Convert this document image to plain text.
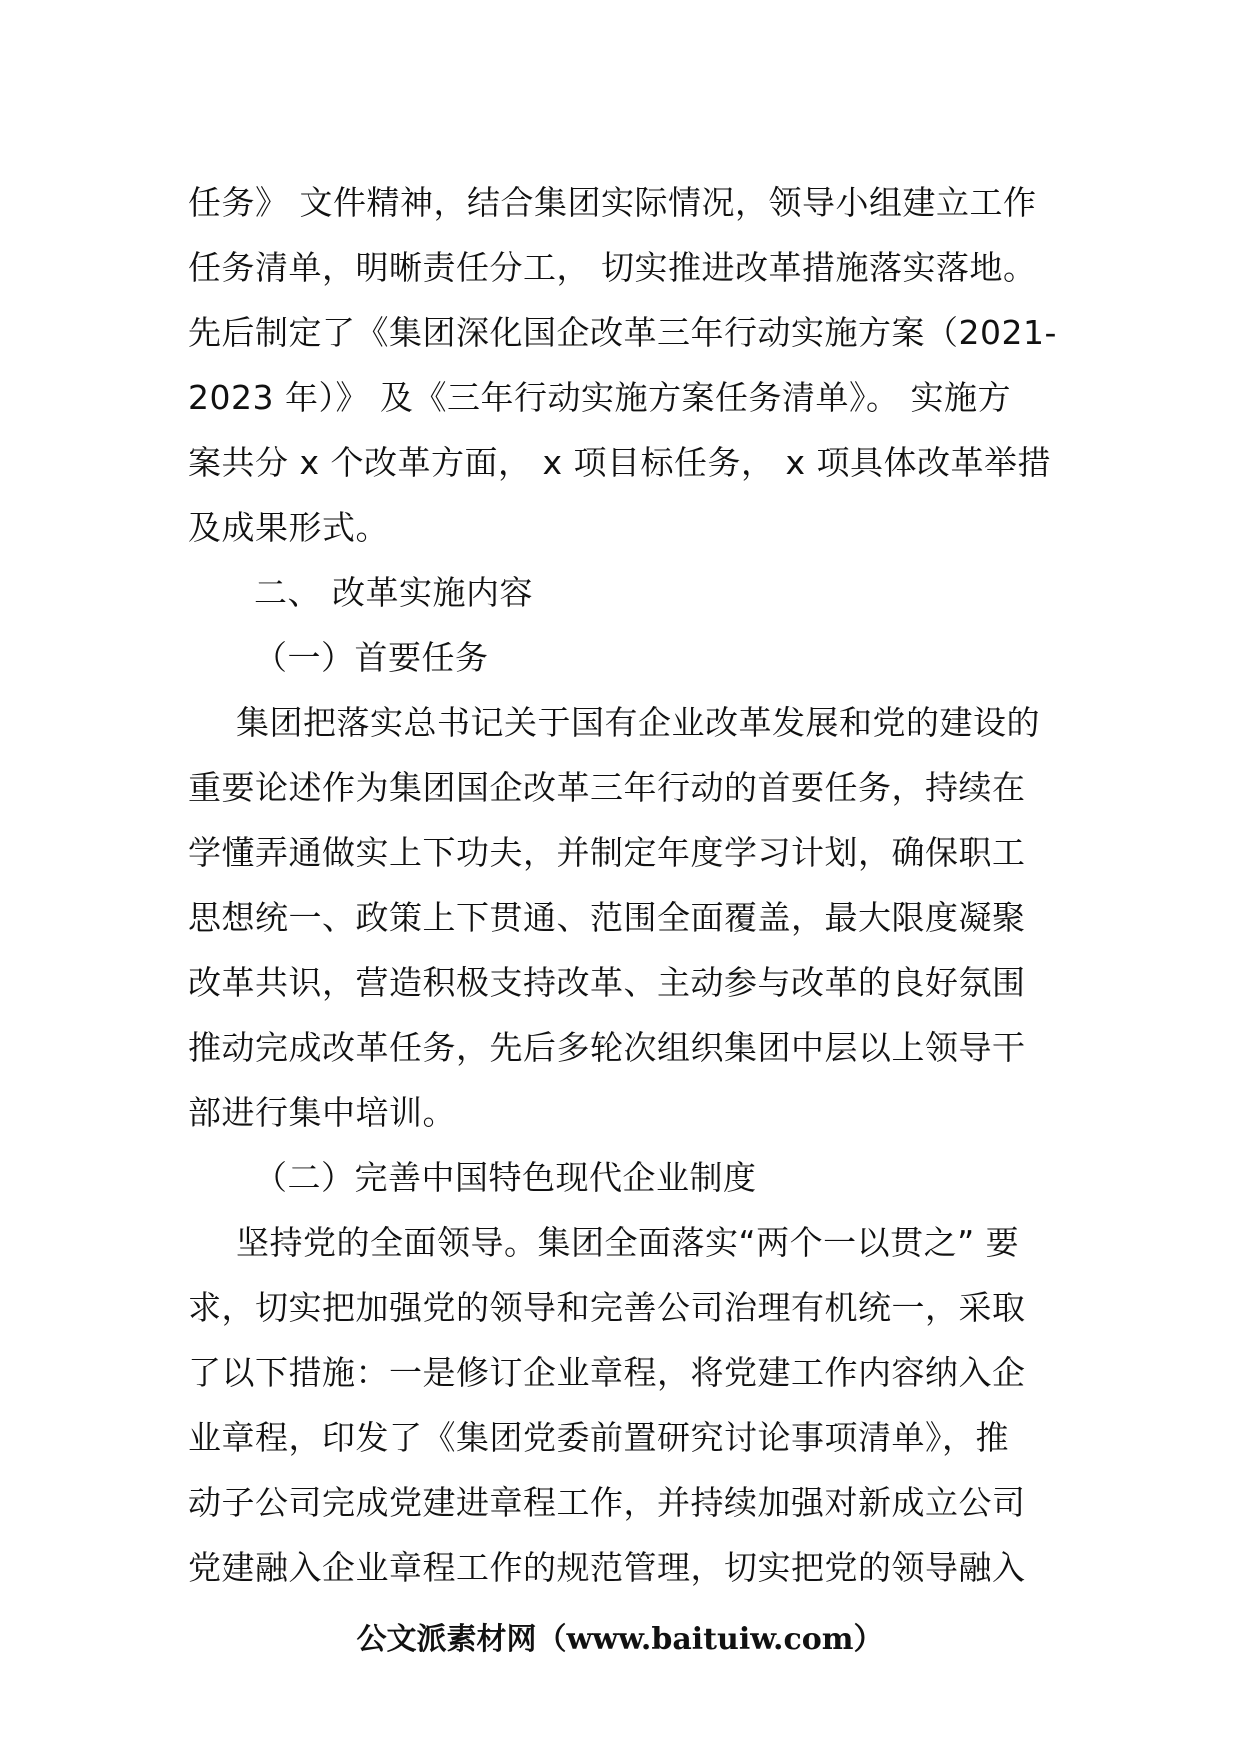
任务》 文件精神，结合集团实际情况，领导小组建立工作
任务清单，明晰责任分工， 切实推进改革措施落实落地。
先后制定了《集团深化国企改革三年行动实施方案（2021-
2023 年）》 及《三年行动实施方案任务清单》。 实施方
案共分 x 个改革方面， x 项目标任务， x 项具体改革举措
及成果形式。
二、 改革实施内容
（一）首要任务
集团把落实总书记关于国有企业改革发展和党的建设的
重要论述作为集团国企改革三年行动的首要任务，持续在
学懂弄通做实上下功夫，并制定年度学习计划，确保职工
思想统一、政策上下贯通、范围全面覆盖，最大限度凝聚
改革共识，营造积极支持改革、主动参与改革的良好氛围
推动完成改革任务，先后多轮次组织集团中层以上领导干
部进行集中培训。
（二）完善中国特色现代企业制度
坚持党的全面领导。集团全面落实“两个一以贯之” 要
求，切实把加强党的领导和完善公司治理有机统一，采取
了以下措施：一是修订企业章程，将党建工作内容纳入企
业章程，印发了《集团党委前置研究讨论事项清单》，推
动子公司完成党建进章程工作，并持续加强对新成立公司
党建融入企业章程工作的规范管理，切实把党的领导融入
公文派素材网（www.baituiw.com）
